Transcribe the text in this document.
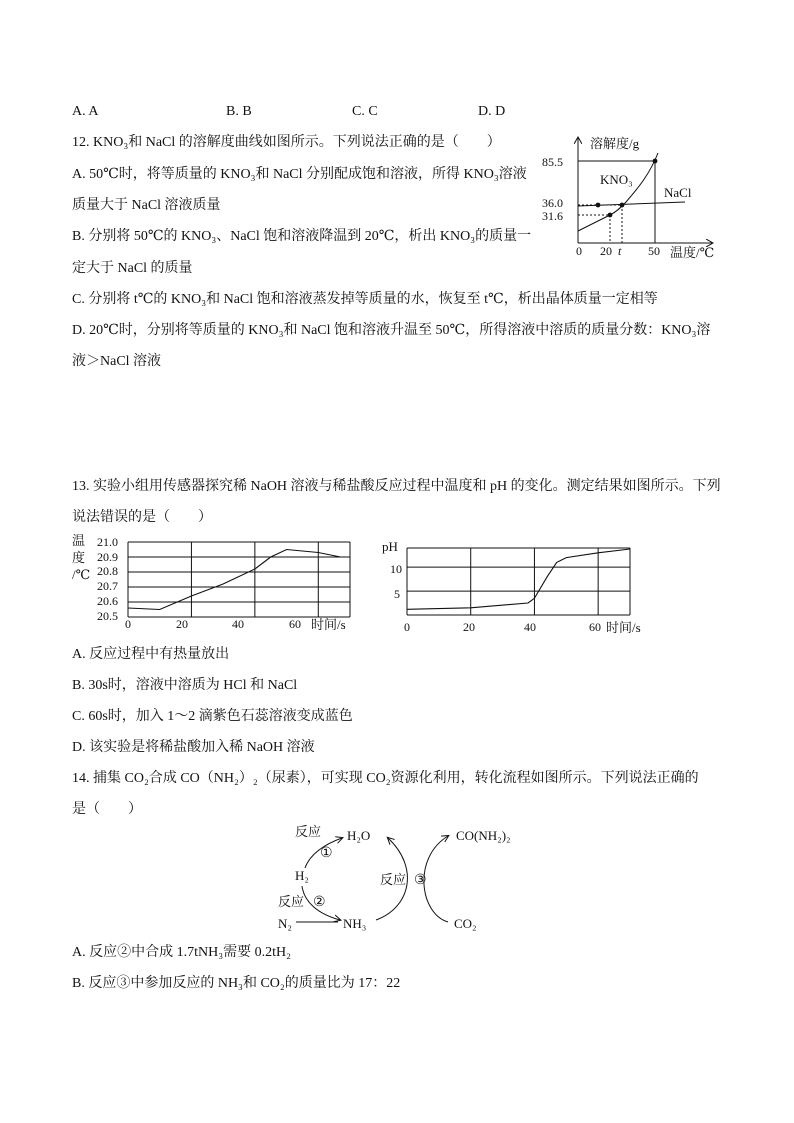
A. A	B. B	C. C	D. D
12. KNO₃和 NaCl 的溶解度曲线如图所示。下列说法正确的是（　　）
A. 50℃时，将等质量的 KNO₃和 NaCl 分别配成饱和溶液，所得 KNO₃溶液
质量大于 NaCl 溶液质量
B. 分别将 50℃的 KNO₃、NaCl 饱和溶液降温到 20℃，析出 KNO₃的质量一
定大于 NaCl 的质量
C. 分别将 t℃的 KNO₃和 NaCl 饱和溶液蒸发掉等质量的水，恢复至 t℃，析出晶体质量一定相等
D. 20℃时，分别将等质量的 KNO₃和 NaCl 饱和溶液升温至 50℃，所得溶液中溶质的质量分数：KNO₃溶
液＞NaCl 溶液
溶解度/g
温度/℃
85.5
36.0
31.6
0 20 t 50
KNO₃
NaCl
13. 实验小组用传感器探究稀 NaOH 溶液与稀盐酸反应过程中温度和 pH 的变化。测定结果如图所示。下列
说法错误的是（　　）
温
度
/℃
21.0
20.9
20.8
20.7
20.6
20.5
0	20	40	60 时间/s
pH
10
5
0	20	40	60 时间/s
A. 反应过程中有热量放出
B. 30s时，溶液中溶质为 HCl 和 NaCl
C. 60s时，加入 1～2 滴紫色石蕊溶液变成蓝色
D. 该实验是将稀盐酸加入稀 NaOH 溶液
14. 捕集 CO₂合成 CO（NH₂）₂（尿素），可实现 CO₂资源化利用，转化流程如图所示。下列说法正确的
是（　　）
反应
①
H₂O
H₂
反应 ②
N₂	NH₃
反应 ③
CO(NH₂)₂
CO₂
A. 反应②中合成 1.7tNH₃需要 0.2tH₂
B. 反应③中参加反应的 NH₃和 CO₂的质量比为 17：22
